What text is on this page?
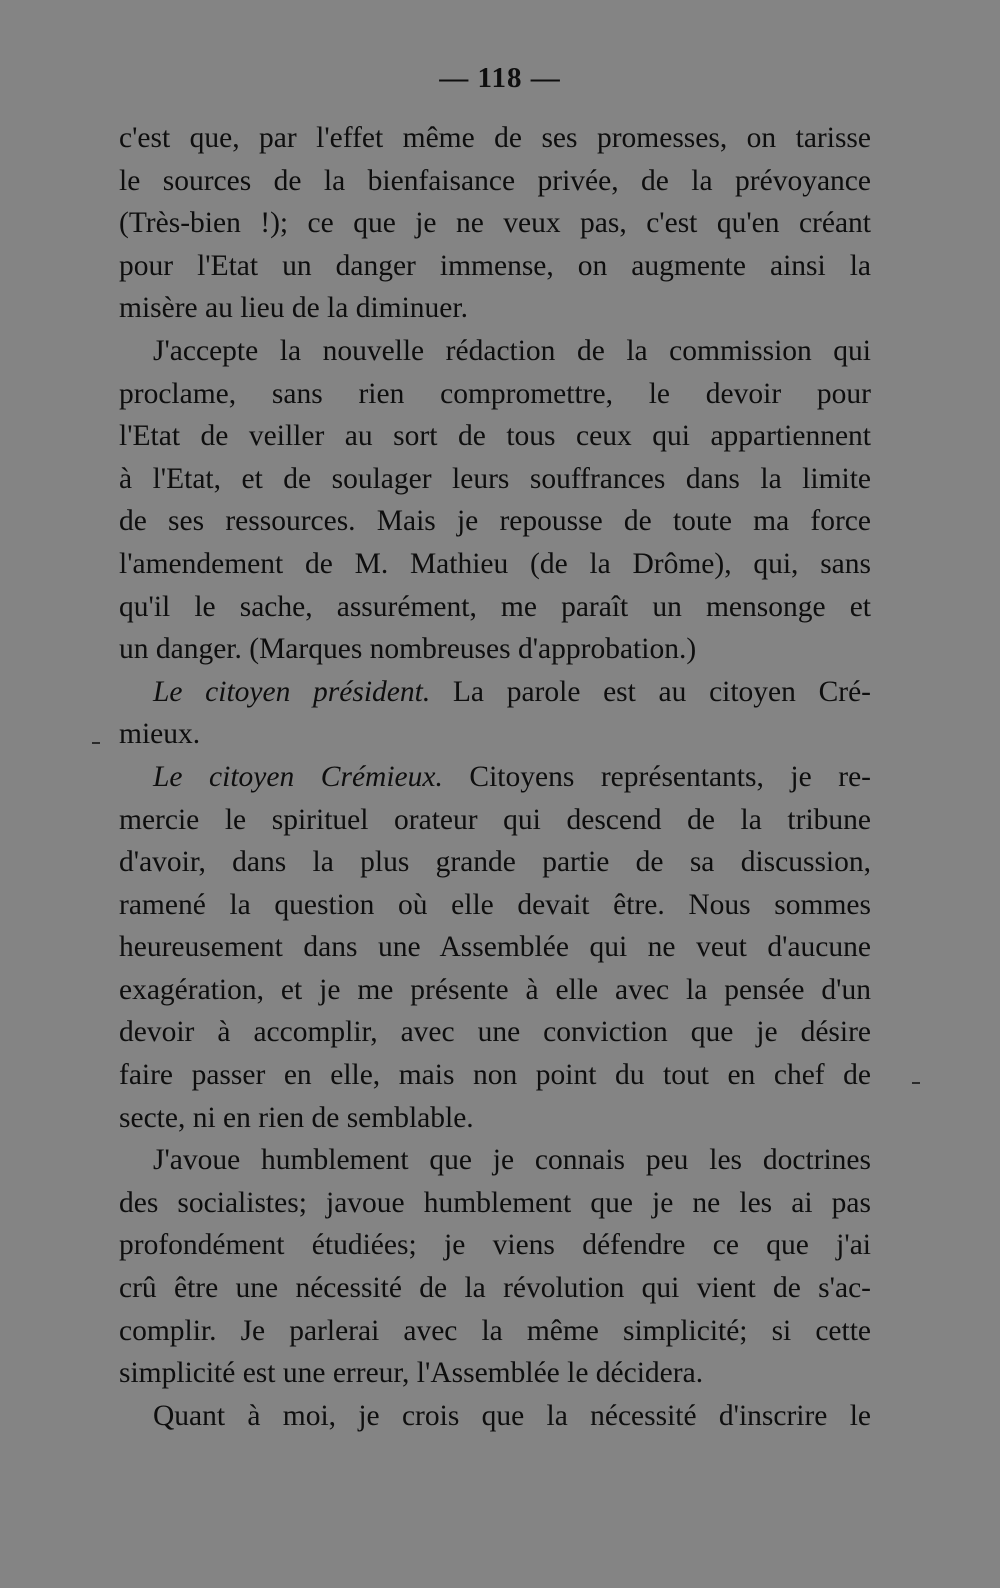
— 118 —
c'est que, par l'effet même de ses promesses, on tarisse
le sources de la bienfaisance privée, de la prévoyance
(Très-bien !); ce que je ne veux pas, c'est qu'en créant
pour l'Etat un danger immense, on augmente ainsi la
misère au lieu de la diminuer.
J'accepte la nouvelle rédaction de la commission qui
proclame, sans rien compromettre, le devoir pour
l'Etat de veiller au sort de tous ceux qui appartiennent
à l'Etat, et de soulager leurs souffrances dans la limite
de ses ressources. Mais je repousse de toute ma force
l'amendement de M. Mathieu (de la Drôme), qui, sans
qu'il le sache, assurément, me paraît un mensonge et
un danger. (Marques nombreuses d'approbation.)
Le citoyen président. La parole est au citoyen Cré-
mieux.
Le citoyen Crémieux. Citoyens représentants, je re-
mercie le spirituel orateur qui descend de la tribune
d'avoir, dans la plus grande partie de sa discussion,
ramené la question où elle devait être. Nous sommes
heureusement dans une Assemblée qui ne veut d'aucune
exagération, et je me présente à elle avec la pensée d'un
devoir à accomplir, avec une conviction que je désire
faire passer en elle, mais non point du tout en chef de
secte, ni en rien de semblable.
J'avoue humblement que je connais peu les doctrines
des socialistes; javoue humblement que je ne les ai pas
profondément étudiées; je viens défendre ce que j'ai
crû être une nécessité de la révolution qui vient de s'ac-
complir. Je parlerai avec la même simplicité; si cette
simplicité est une erreur, l'Assemblée le décidera.
Quant à moi, je crois que la nécessité d'inscrire le
